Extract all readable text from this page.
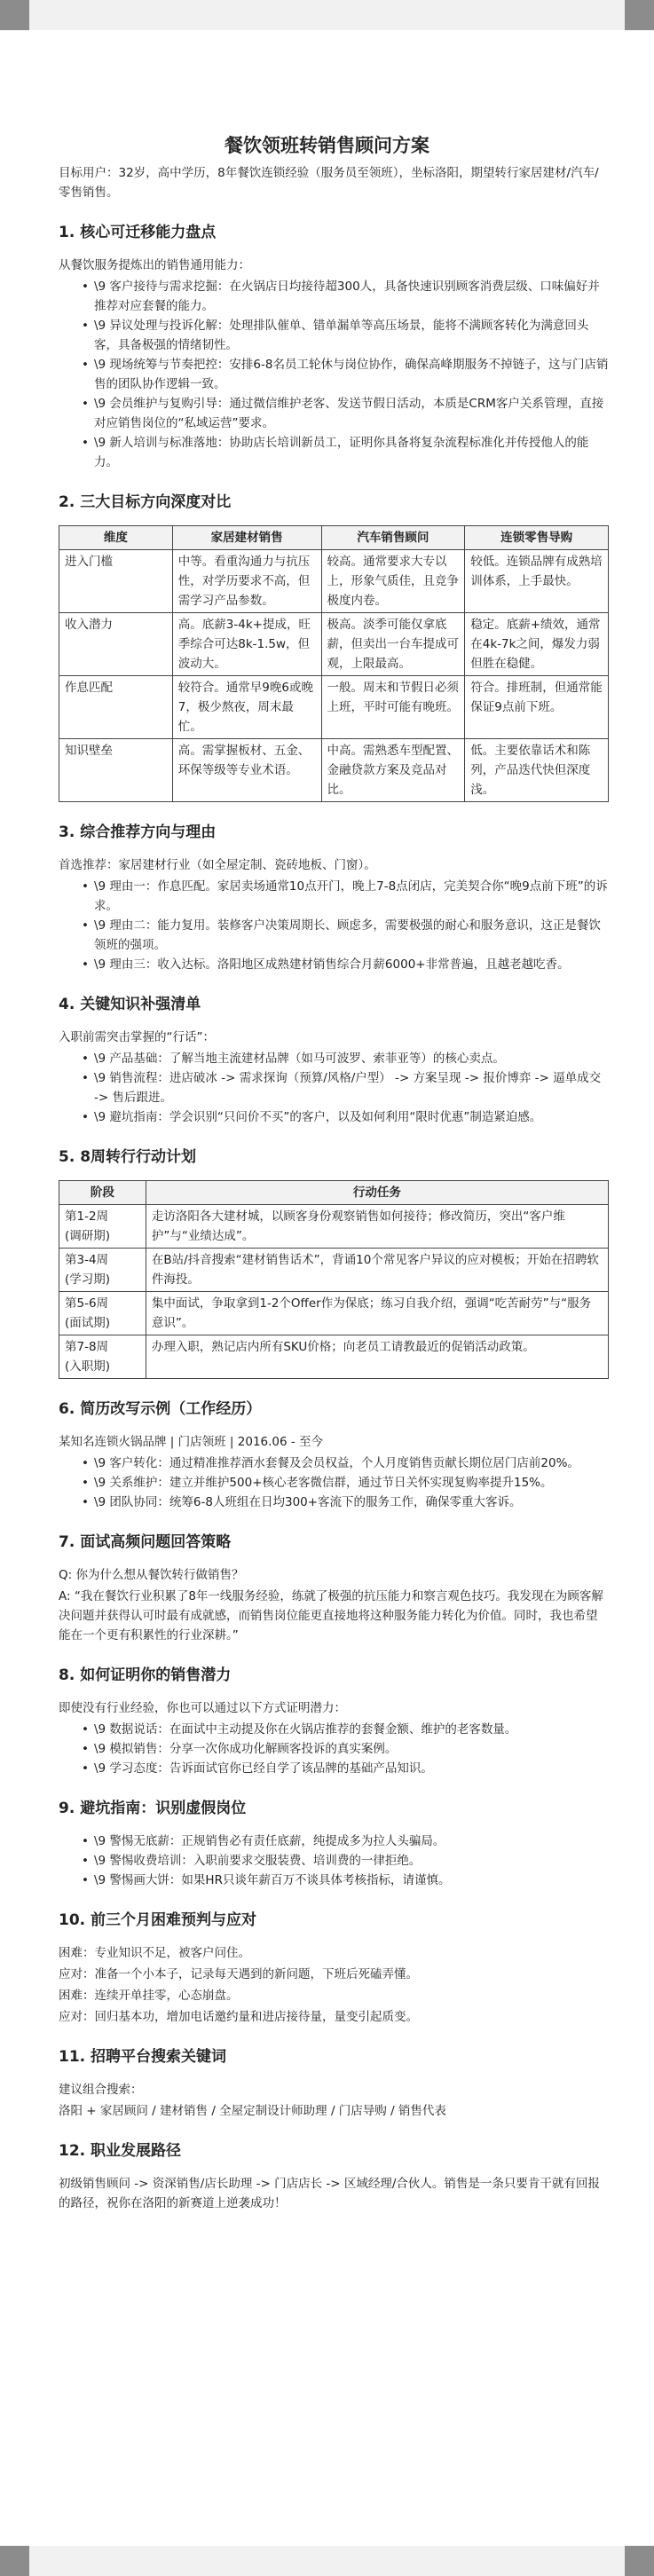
餐饮领班转销售顾问方案

目标用户：32岁，高中学历，8年餐饮连锁经验（服务员至领班），坐标洛阳，期望转行家居建材/汽车/零售销售。

1. 核心可迁移能力盘点

从餐饮服务提炼出的销售通用能力：

• \9 客户接待与需求挖掘：在火锅店日均接待超300人，具备快速识别顾客消费层级、口味偏好并推荐对应套餐的能力。
• \9 异议处理与投诉化解：处理排队催单、错单漏单等高压场景，能将不满顾客转化为满意回头客，具备极强的情绪韧性。
• \9 现场统筹与节奏把控：安排6-8名员工轮休与岗位协作，确保高峰期服务不掉链子，这与门店销售的团队协作逻辑一致。
• \9 会员维护与复购引导：通过微信维护老客、发送节假日活动，本质是CRM客户关系管理，直接对应销售岗位的“私域运营”要求。
• \9 新人培训与标准落地：协助店长培训新员工，证明你具备将复杂流程标准化并传授他人的能力。
2. 三大目标方向深度对比
维度	家居建材销售	汽车销售顾问	连锁零售导购
进入门槛	中等。看重沟通力与抗压性，对学历要求不高，但需学习产品参数。	较高。通常要求大专以上，形象气质佳，且竞争极度内卷。	较低。连锁品牌有成熟培训体系，上手最快。
收入潜力	高。底薪3-4k+提成，旺季综合可达8k-1.5w，但波动大。	极高。淡季可能仅拿底薪，但卖出一台车提成可观，上限最高。	稳定。底薪+绩效，通常在4k-7k之间，爆发力弱但胜在稳健。
作息匹配	较符合。通常早9晚6或晚7，极少熬夜，周末最忙。	一般。周末和节假日必须上班，平时可能有晚班。	符合。排班制，但通常能保证9点前下班。
知识壁垒	高。需掌握板材、五金、环保等级等专业术语。	中高。需熟悉车型配置、金融贷款方案及竞品对比。	低。主要依靠话术和陈列，产品迭代快但深度浅。
3. 综合推荐方向与理由

首选推荐：家居建材行业（如全屋定制、瓷砖地板、门窗）。

• \9 理由一：作息匹配。家居卖场通常10点开门，晚上7-8点闭店，完美契合你“晚9点前下班”的诉求。
• \9 理由二：能力复用。装修客户决策周期长、顾虑多，需要极强的耐心和服务意识，这正是餐饮领班的强项。
• \9 理由三：收入达标。洛阳地区成熟建材销售综合月薪6000+非常普遍，且越老越吃香。
4. 关键知识补强清单

入职前需突击掌握的“行话”：

• \9 产品基础：了解当地主流建材品牌（如马可波罗、索菲亚等）的核心卖点。
• \9 销售流程：进店破冰 -> 需求探询（预算/风格/户型） -> 方案呈现 -> 报价博弈 -> 逼单成交 -> 售后跟进。
• \9 避坑指南：学会识别“只问价不买”的客户，以及如何利用“限时优惠”制造紧迫感。
5. 8周转行行动计划
阶段	行动任务
第1-2周
(调研期)	走访洛阳各大建材城，以顾客身份观察销售如何接待；修改简历，突出“客户维护”与“业绩达成”。
第3-4周
(学习期)	在B站/抖音搜索“建材销售话术”，背诵10个常见客户异议的应对模板；开始在招聘软件海投。
第5-6周
(面试期)	集中面试，争取拿到1-2个Offer作为保底；练习自我介绍，强调“吃苦耐劳”与“服务意识”。
第7-8周
(入职期)	办理入职，熟记店内所有SKU价格；向老员工请教最近的促销活动政策。
6. 简历改写示例（工作经历）

某知名连锁火锅品牌 | 门店领班 | 2016.06 - 至今

• \9 客户转化：通过精准推荐酒水套餐及会员权益，个人月度销售贡献长期位居门店前20%。
• \9 关系维护：建立并维护500+核心老客微信群，通过节日关怀实现复购率提升15%。
• \9 团队协同：统筹6-8人班组在日均300+客流下的服务工作，确保零重大客诉。
7. 面试高频问题回答策略

Q: 你为什么想从餐饮转行做销售？

A: “我在餐饮行业积累了8年一线服务经验，练就了极强的抗压能力和察言观色技巧。我发现在为顾客解决问题并获得认可时最有成就感，而销售岗位能更直接地将这种服务能力转化为价值。同时，我也希望能在一个更有积累性的行业深耕。”

8. 如何证明你的销售潜力

即使没有行业经验，你也可以通过以下方式证明潜力：

• \9 数据说话：在面试中主动提及你在火锅店推荐的套餐金额、维护的老客数量。
• \9 模拟销售：分享一次你成功化解顾客投诉的真实案例。
• \9 学习态度：告诉面试官你已经自学了该品牌的基础产品知识。
9. 避坑指南：识别虚假岗位
• \9 警惕无底薪：正规销售必有责任底薪，纯提成多为拉人头骗局。
• \9 警惕收费培训：入职前要求交服装费、培训费的一律拒绝。
• \9 警惕画大饼：如果HR只谈年薪百万不谈具体考核指标，请谨慎。
10. 前三个月困难预判与应对

困难：专业知识不足，被客户问住。

应对：准备一个小本子，记录每天遇到的新问题，下班后死磕弄懂。

困难：连续开单挂零，心态崩盘。

应对：回归基本功，增加电话邀约量和进店接待量，量变引起质变。

11. 招聘平台搜索关键词

建议组合搜索：

洛阳 + 家居顾问 / 建材销售 / 全屋定制设计师助理 / 门店导购 / 销售代表

12. 职业发展路径

初级销售顾问 -> 资深销售/店长助理 -> 门店店长 -> 区域经理/合伙人。销售是一条只要肯干就有回报的路径，祝你在洛阳的新赛道上逆袭成功！
